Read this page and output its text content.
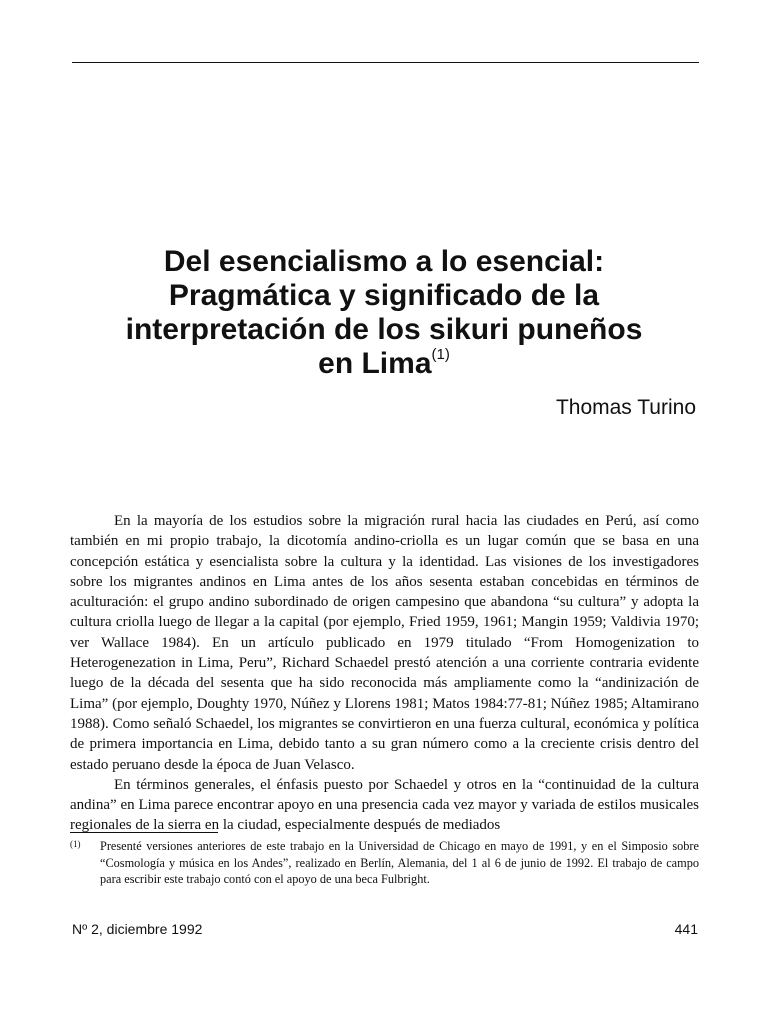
Del esencialismo a lo esencial:
Pragmática y significado de la
interpretación de los sikuri puneños
en Lima$^{(1)}$
Thomas Turino

En la mayoría de los estudios sobre la migración rural hacia las ciudades en Perú, así como también en mi propio trabajo, la dicotomía andino-criolla es un lugar común que se basa en una concepción estática y esencialista sobre la cultura y la identidad. Las visiones de los investigadores sobre los migrantes andinos en Lima antes de los años sesenta estaban concebidas en términos de aculturación: el grupo andino subordinado de origen campesino que abandona “su cultura” y adopta la cultura criolla luego de llegar a la capital (por ejemplo, Fried 1959, 1961; Mangin 1959; Valdivia 1970; ver Wallace 1984). En un artículo publicado en 1979 titulado “From Homogenization to Heterogenezation in Lima, Peru”, Richard Schaedel prestó atención a una corriente contraria evidente luego de la década del sesenta que ha sido reconocida más ampliamente como la “andinización de Lima” (por ejemplo, Doughty 1970, Núñez y Llorens 1981; Matos 1984:77-81; Núñez 1985; Altamirano 1988). Como señaló Schaedel, los migrantes se convirtieron en una fuerza cultural, económica y política de primera importancia en Lima, debido tanto a su gran número como a la creciente crisis dentro del estado peruano desde la época de Juan Velasco.

En términos generales, el énfasis puesto por Schaedel y otros en la “continuidad de la cultura andina” en Lima parece encontrar apoyo en una presencia cada vez mayor y variada de estilos musicales regionales de la sierra en la ciudad, especialmente después de mediados

(1) Presenté versiones anteriores de este trabajo en la Universidad de Chicago en mayo de 1991, y en el Simposio sobre “Cosmología y música en los Andes”, realizado en Berlín, Alemania, del 1 al 6 de junio de 1992. El trabajo de campo para escribir este trabajo contó con el apoyo de una beca Fulbright.
Nº 2, diciembre 1992	441
